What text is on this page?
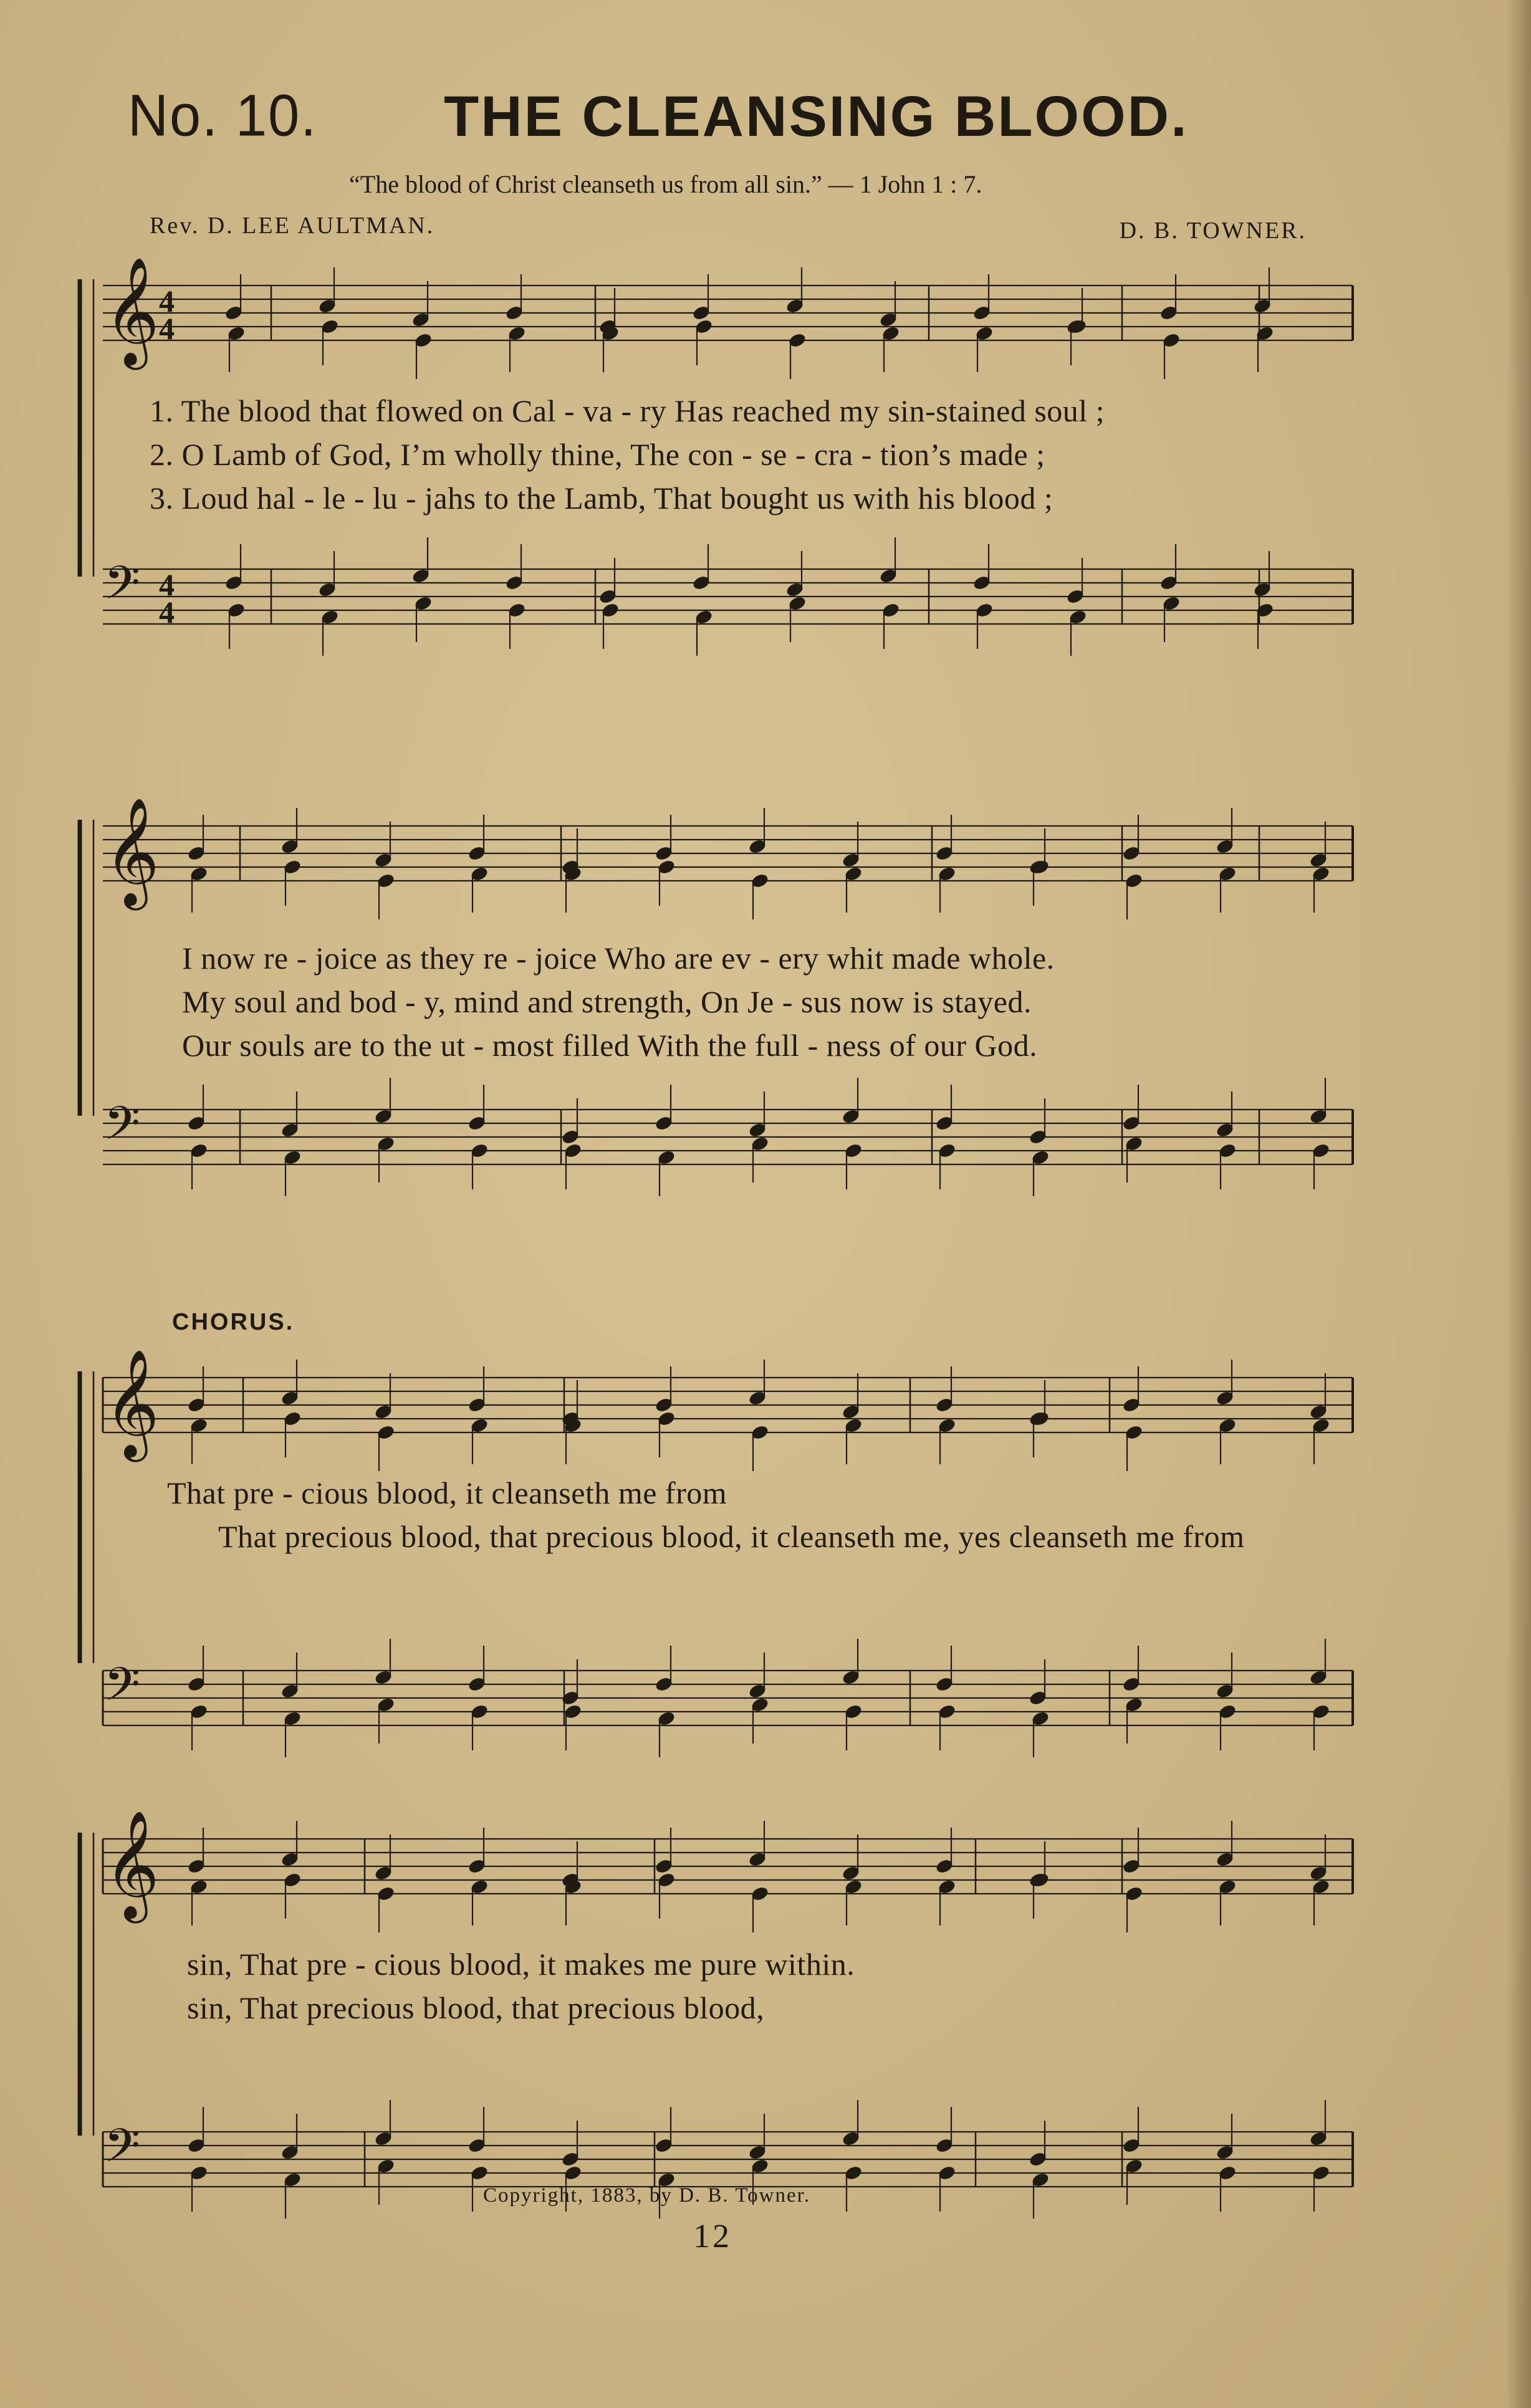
No. 10. THE CLEANSING BLOOD.
“The blood of Christ cleanseth us from all sin.” — 1 John 1 : 7.
Rev. D. LEE AULTMAN.	D. B. TOWNER.
𝄞
𝄢
4
4
4
4
𝄞
𝄢
𝄞
𝄢
𝄞
𝄢
1. The blood that flowed on Cal - va - ry Has reached my sin-stained soul ;
2. O Lamb of God, I’m wholly thine, The con - se - cra - tion’s made ;
3. Loud hal - le - lu - jahs to the Lamb, That bought us with his blood ;
I now re - joice as they re - joice Who are ev - ery whit made whole.
My soul and bod - y, mind and strength, On Je - sus now is stayed.
Our souls are to the ut - most filled With the full - ness of our God.
CHORUS.
That pre - cious blood, it cleanseth me from
That precious blood, that precious blood, it cleanseth me, yes cleanseth me from
sin, That pre - cious blood, it makes me pure within.
sin, That precious blood, that precious blood,
Copyright, 1883, by D. B. Towner.
12
